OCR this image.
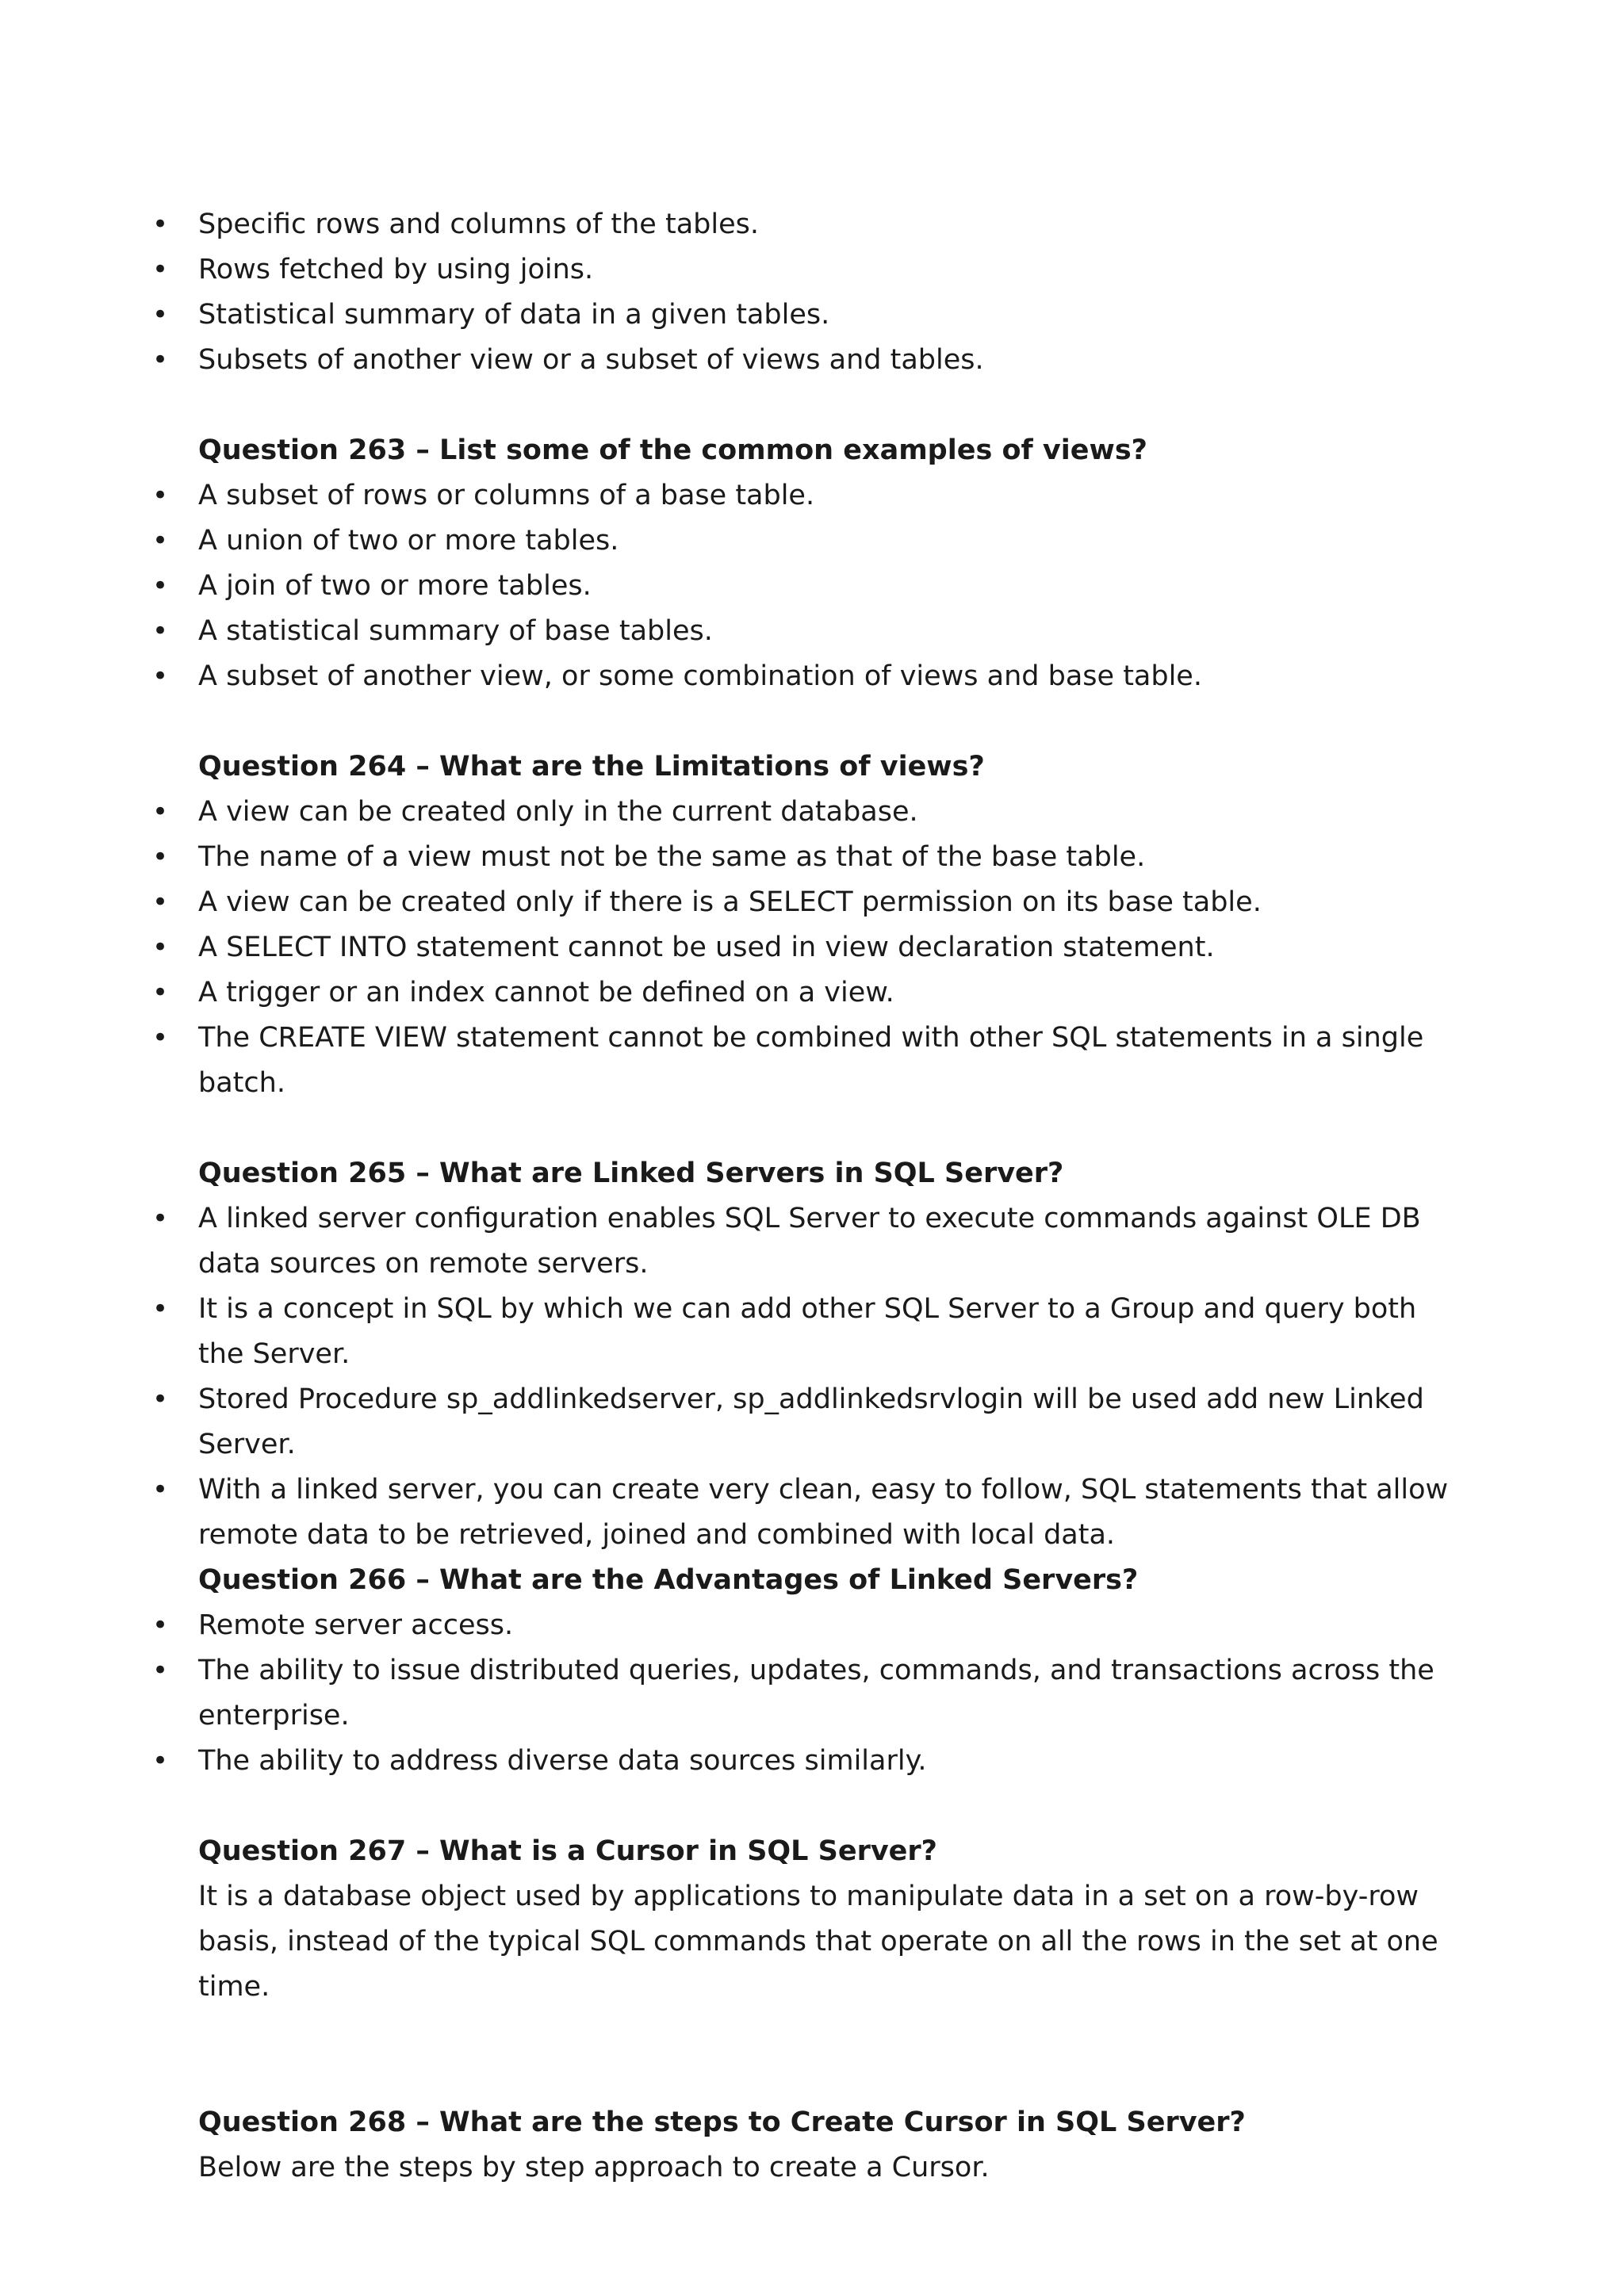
• Specific rows and columns of the tables.
• Rows fetched by using joins.
• Statistical summary of data in a given tables.
• Subsets of another view or a subset of views and tables.

Question 263 – List some of the common examples of views?

• A subset of rows or columns of a base table.
• A union of two or more tables.
• A join of two or more tables.
• A statistical summary of base tables.
• A subset of another view, or some combination of views and base table.

Question 264 – What are the Limitations of views?

• A view can be created only in the current database.
• The name of a view must not be the same as that of the base table.
• A view can be created only if there is a SELECT permission on its base table.
• A SELECT INTO statement cannot be used in view declaration statement.
• A trigger or an index cannot be defined on a view.
• The CREATE VIEW statement cannot be combined with other SQL statements in a single batch.

Question 265 – What are Linked Servers in SQL Server?

• A linked server configuration enables SQL Server to execute commands against OLE DB data sources on remote servers.
• It is a concept in SQL by which we can add other SQL Server to a Group and query both the Server.
• Stored Procedure sp_addlinkedserver, sp_addlinkedsrvlogin will be used add new Linked Server.
• With a linked server, you can create very clean, easy to follow, SQL statements that allow remote data to be retrieved, joined and combined with local data.

Question 266 – What are the Advantages of Linked Servers?

• Remote server access.
• The ability to issue distributed queries, updates, commands, and transactions across the enterprise.
• The ability to address diverse data sources similarly.

Question 267 – What is a Cursor in SQL Server?

It is a database object used by applications to manipulate data in a set on a row-by-row basis, instead of the typical SQL commands that operate on all the rows in the set at one time.

Question 268 – What are the steps to Create Cursor in SQL Server?

Below are the steps by step approach to create a Cursor.
